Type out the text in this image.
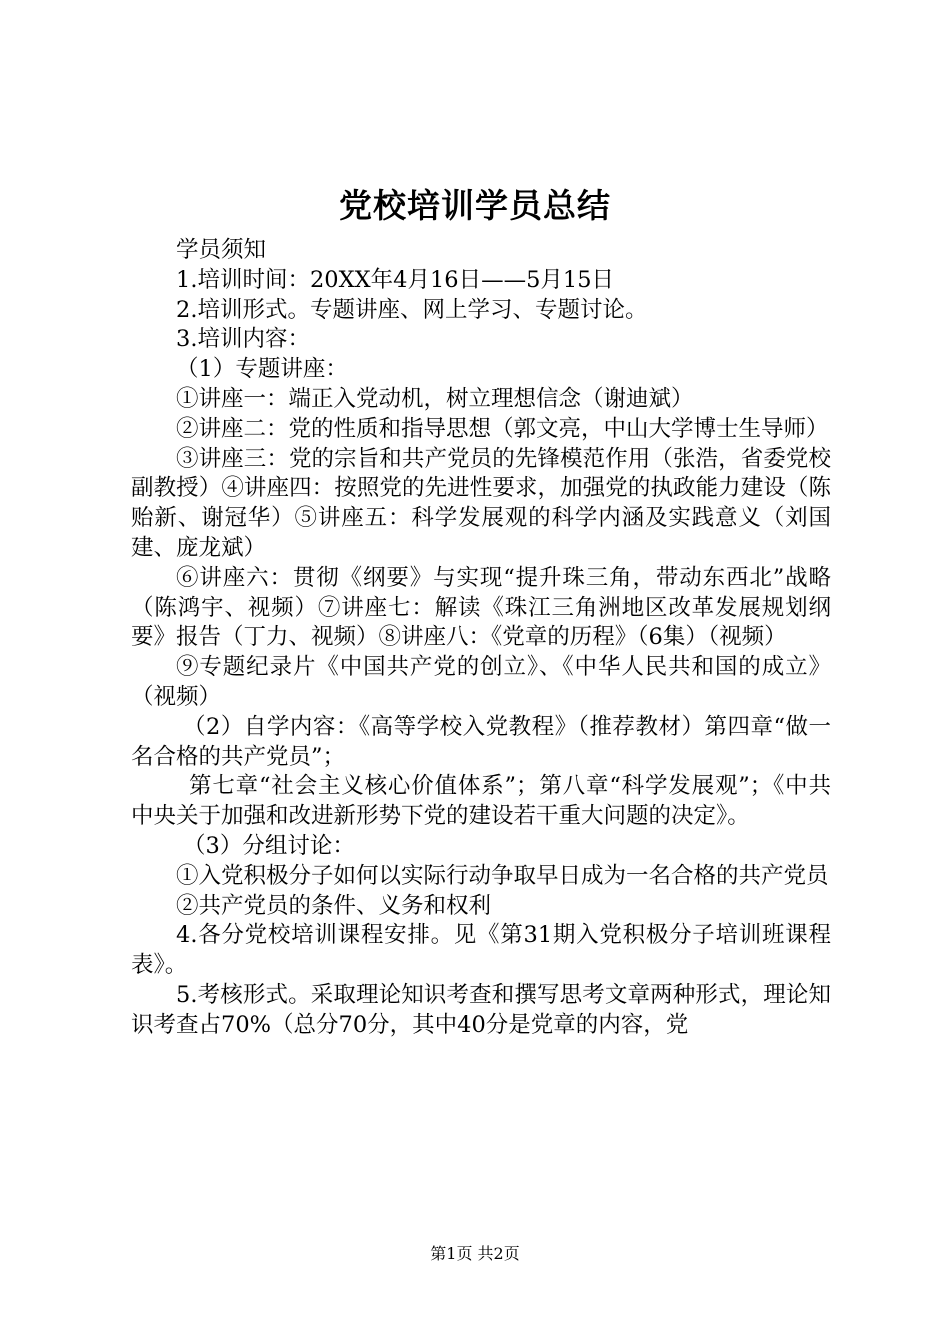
党校培训学员总结

学员须知

1.培训时间：20XX年4月16日——5月15日

2.培训形式。专题讲座、网上学习、专题讨论。

3.培训内容：

（1）专题讲座：

①讲座一：端正入党动机，树立理想信念（谢迪斌）

②讲座二：党的性质和指导思想（郭文亮，中山大学博士生导师）

③讲座三：党的宗旨和共产党员的先锋模范作用（张浩，省委党校副教授）④讲座四：按照党的先进性要求，加强党的执政能力建设（陈贻新、谢冠华）⑤讲座五：科学发展观的科学内涵及实践意义（刘国建、庞龙斌）

⑥讲座六：贯彻《纲要》与实现“提升珠三角，带动东西北”战略（陈鸿宇、视频）⑦讲座七：解读《珠江三角洲地区改革发展规划纲要》报告（丁力、视频）⑧讲座八：《党章的历程》（6集）（视频）

⑨专题纪录片《中国共产党的创立》、《中华人民共和国的成立》（视频）

（2）自学内容：《高等学校入党教程》（推荐教材）第四章“做一名合格的共产党员”；

第七章“社会主义核心价值体系”；第八章“科学发展观”；《中共中央关于加强和改进新形势下党的建设若干重大问题的决定》。

（3）分组讨论：

①入党积极分子如何以实际行动争取早日成为一名合格的共产党员

②共产党员的条件、义务和权利

4.各分党校培训课程安排。见《第31期入党积极分子培训班课程表》。

5.考核形式。采取理论知识考查和撰写思考文章两种形式，理论知识考查占70%（总分70分，其中40分是党章的内容，党

第1页 共2页
